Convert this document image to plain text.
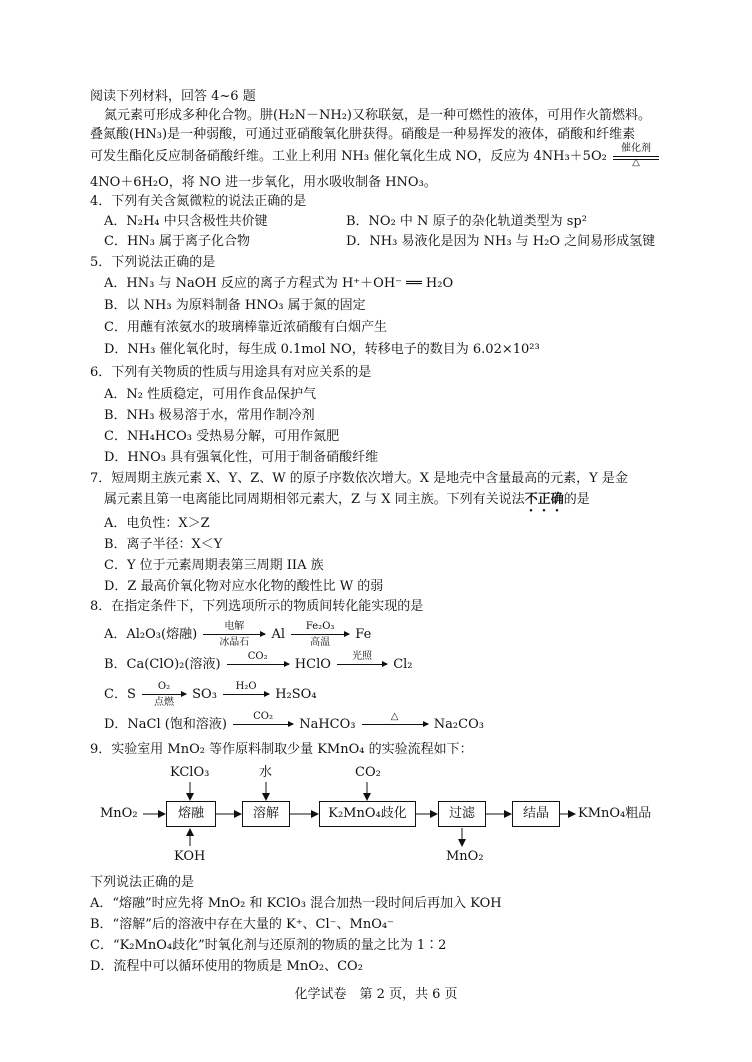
阅读下列材料，回答 4~6 题
氮元素可形成多种化合物。肼(H₂N－NH₂)又称联氨，是一种可燃性的液体，可用作火箭燃料。
叠氮酸(HN₃)是一种弱酸，可通过亚硝酸氧化肼获得。硝酸是一种易挥发的液体，硝酸和纤维素
可发生酯化反应制备硝酸纤维。工业上利用 NH₃ 催化氧化生成 NO，反应为 4NH₃＋5O₂
催化剂
△
4NO＋6H₂O，将 NO 进一步氧化，用水吸收制备 HNO₃。
4．下列有关含氮微粒的说法正确的是
A．N₂H₄ 中只含极性共价键	B．NO₂ 中 N 原子的杂化轨道类型为 sp²
C．HN₃ 属于离子化合物	D．NH₃ 易液化是因为 NH₃ 与 H₂O 之间易形成氢键
5．下列说法正确的是
A．HN₃ 与 NaOH 反应的离子方程式为 H⁺＋OH⁻ ══ H₂O
B．以 NH₃ 为原料制备 HNO₃ 属于氮的固定
C．用蘸有浓氨水的玻璃棒靠近浓硝酸有白烟产生
D．NH₃ 催化氧化时，每生成 0.1mol NO，转移电子的数目为 6.02×10²³
6．下列有关物质的性质与用途具有对应关系的是
A．N₂ 性质稳定，可用作食品保护气
B．NH₃ 极易溶于水，常用作制冷剂
C．NH₄HCO₃ 受热易分解，可用作氮肥
D．HNO₃ 具有强氧化性，可用于制备硝酸纤维
7．短周期主族元素 X、Y、Z、W 的原子序数依次增大。X 是地壳中含量最高的元素，Y 是金
属元素且第一电离能比同周期相邻元素大，Z 与 X 同主族。下列有关说法不正确的是
A．电负性：X＞Z
B．离子半径：X＜Y
C．Y 位于元素周期表第三周期 IIA 族
D．Z 最高价氧化物对应水化物的酸性比 W 的弱
8．在指定条件下，下列选项所示的物质间转化能实现的是
A．Al₂O₃(熔融)
电解
冰晶石
Al
Fe₂O₃
高温
Fe
B．Ca(ClO)₂(溶液)
CO₂
HClO
光照
Cl₂
C．S
O₂
点燃
SO₃
H₂O
H₂SO₄
D．NaCl (饱和溶液)
CO₂
NaHCO₃
△
Na₂CO₃
9．实验室用 MnO₂ 等作原料制取少量 KMnO₄ 的实验流程如下：
MnO₂	熔融	溶解	K₂MnO₄歧化	过滤	结晶	KMnO₄粗品
KClO₃	水	CO₂
KOH	MnO₂
下列说法正确的是
A．“熔融”时应先将 MnO₂ 和 KClO₃ 混合加热一段时间后再加入 KOH
B．“溶解”后的溶液中存在大量的 K⁺、Cl⁻、MnO₄⁻
C．“K₂MnO₄歧化”时氧化剂与还原剂的物质的量之比为 1∶2
D．流程中可以循环使用的物质是 MnO₂、CO₂
化学试卷　第 2 页，共 6 页
